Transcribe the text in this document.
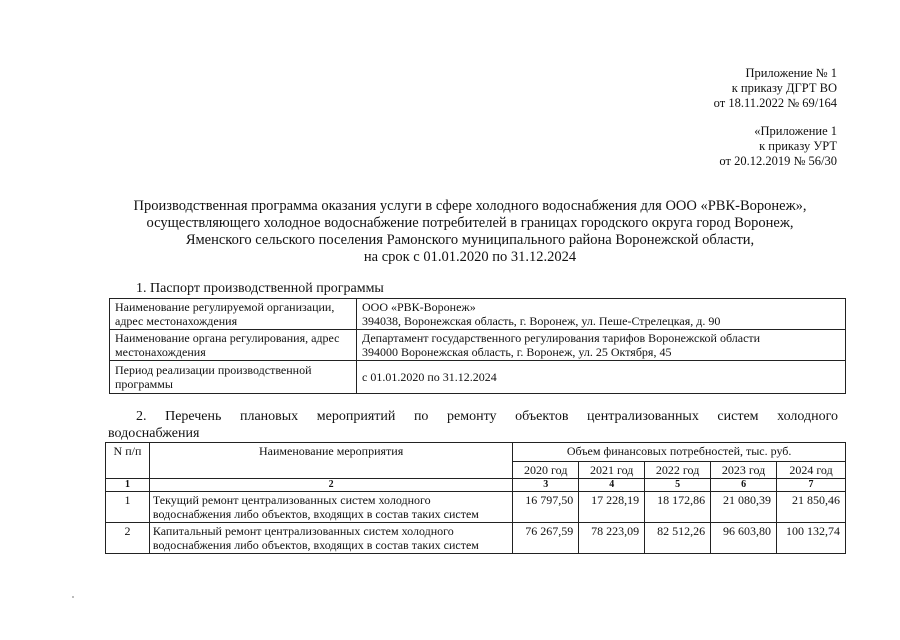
Приложение № 1
к приказу ДГРТ ВО
от 18.11.2022 № 69/164
«Приложение 1
к приказу УРТ
от 20.12.2019 № 56/30
Производственная программа оказания услуги в сфере холодного водоснабжения для ООО «РВК-Воронеж»,
осуществляющего холодное водоснабжение потребителей в границах городского округа город Воронеж,
Яменского сельского поселения Рамонского муниципального района Воронежской области,
на срок с 01.01.2020 по 31.12.2024
1. Паспорт производственной программы
Наименование регулируемой организации, адрес местонахождения	ООО «РВК-Воронеж»
394038, Воронежская область, г. Воронеж, ул. Пеше-Стрелецкая, д. 90

Наименование органа регулирования, адрес местонахождения	Департамент государственного регулирования тарифов Воронежской области
394000 Воронежская область, г. Воронеж, ул. 25 Октября, 45

Период реализации производственной программы	с 01.01.2020 по 31.12.2024
2. Перечень плановых мероприятий по ремонту объектов централизованных систем холодного
водоснабжения
N п/п	Наименование мероприятия	Объем финансовых потребностей, тыс. руб.				
		2020 год	2021 год	2022 год	2023 год	2024 год
1	2	3	4	5	6	7
1	Текущий ремонт централизованных систем холодного водоснабжения либо объектов, входящих в состав таких систем	16 797,50	17 228,19	18 172,86	21 080,39	21 850,46
2	Капитальный ремонт централизованных систем холодного водоснабжения либо объектов, входящих в состав таких систем	76 267,59	78 223,09	82 512,26	96 603,80	100 132,74
